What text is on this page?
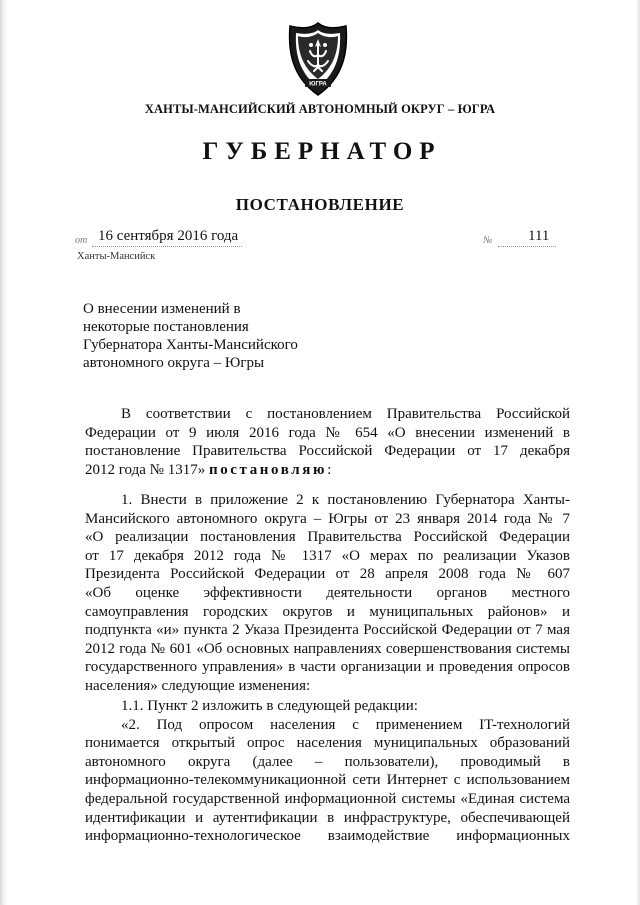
ЮГРА
ХАНТЫ-МАНСИЙСКИЙ АВТОНОМНЫЙ ОКРУГ – ЮГРА
ГУБЕРНАТОР
ПОСТАНОВЛЕНИЕ
от 16 сентября 2016 года	№ 111
Ханты-Мансийск
О внесении изменений в
некоторые постановления
Губернатора Ханты-Мансийского
автономного округа – Югры
В соответствии с постановлением Правительства Российской
Федерации от 9 июля 2016 года № 654 «О внесении изменений в
постановление Правительства Российской Федерации от 17 декабря
2012 года № 1317» постановляю:
1. Внести в приложение 2 к постановлению Губернатора Ханты-
Мансийского автономного округа – Югры от 23 января 2014 года № 7
«О реализации постановления Правительства Российской Федерации
от 17 декабря 2012 года № 1317 «О мерах по реализации Указов
Президента Российской Федерации от 28 апреля 2008 года № 607
«Об оценке эффективности деятельности органов местного
самоуправления городских округов и муниципальных районов» и
подпункта «и» пункта 2 Указа Президента Российской Федерации от 7 мая
2012 года № 601 «Об основных направлениях совершенствования системы
государственного управления» в части организации и проведения опросов
населения» следующие изменения:
1.1. Пункт 2 изложить в следующей редакции:
«2. Под опросом населения с применением IT-технологий
понимается открытый опрос населения муниципальных образований
автономного округа (далее – пользователи), проводимый в
информационно-телекоммуникационной сети Интернет с использованием
федеральной государственной информационной системы «Единая система
идентификации и аутентификации в инфраструктуре, обеспечивающей
информационно-технологическое взаимодействие информационных
